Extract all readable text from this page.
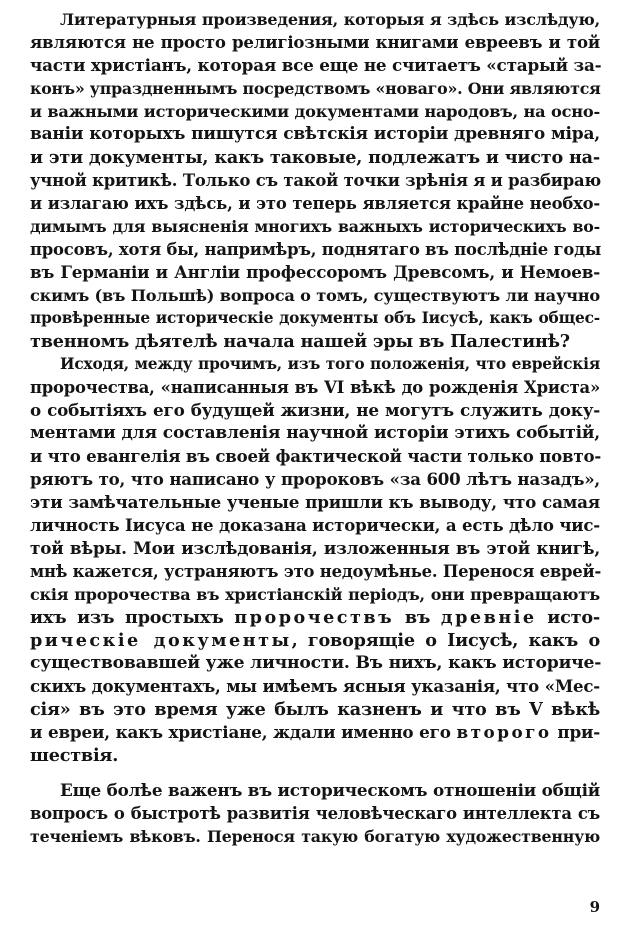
Литературныя произведения, которыя я здѣсь изслѣдую,
являются не просто религіозными книгами евреевъ и той
части христіанъ, которая все еще не считаетъ «старый за-
конъ» упраздненнымъ посредствомъ «новаго». Они являются
и важными историческими документами народовъ, на осно-
ваніи которыхъ пишутся свѣтскія исторіи древняго міра,
и эти документы, какъ таковые, подлежатъ и чисто на-
учной критикѣ. Только съ такой точки зрѣнія я и разбираю
и излагаю ихъ здѣсь, и это теперь является крайне необхо-
димымъ для выясненія многихъ важныхъ историческихъ во-
просовъ, хотя бы, напримѣръ, поднятаго въ послѣдніе годы
въ Германіи и Англіи профессоромъ Древсомъ, и Немоев-
скимъ (въ Польшѣ) вопроса о томъ, существуютъ ли научно
провѣренные историческіе документы объ Іисусѣ, какъ общес-
твенномъ дѣятелѣ начала нашей эры въ Палестинѣ?
Исходя, между прочимъ, изъ того положенія, что еврейскія
пророчества, «написанныя въ VI вѣкѣ до рожденія Христа»
о событіяхъ его будущей жизни, не могутъ служить доку-
ментами для составленія научной исторіи этихъ событій,
и что евангелія въ своей фактической части только повто-
ряютъ то, что написано у пророковъ «за 600 лѣтъ назадъ»,
эти замѣчательные ученые пришли къ выводу, что самая
личность Іисуса не доказана исторически, а есть дѣло чис-
той вѣры. Мои изслѣдованія, изложенныя въ этой книгѣ,
мнѣ кажется, устраняютъ это недоумѣнье. Перенося еврей-
скія пророчества въ христіанскій періодъ, они превращаютъ
ихъ изъ простыхъ пророчествъ въ древніе исто-
рическіе документы, говорящіе о Іисусѣ, какъ о
существовавшей уже личности. Въ нихъ, какъ историче-
скихъ документахъ, мы имѣемъ ясныя указанія, что «Мес-
сія» въ это время уже былъ казненъ и что въ V вѣкѣ
и евреи, какъ христіане, ждали именно его второго при-
шествія.
Еще болѣе важенъ въ историческомъ отношеніи общій
вопросъ о быстротѣ развитія человѣческаго интеллекта съ
теченіемъ вѣковъ. Перенося такую богатую художественную
9
